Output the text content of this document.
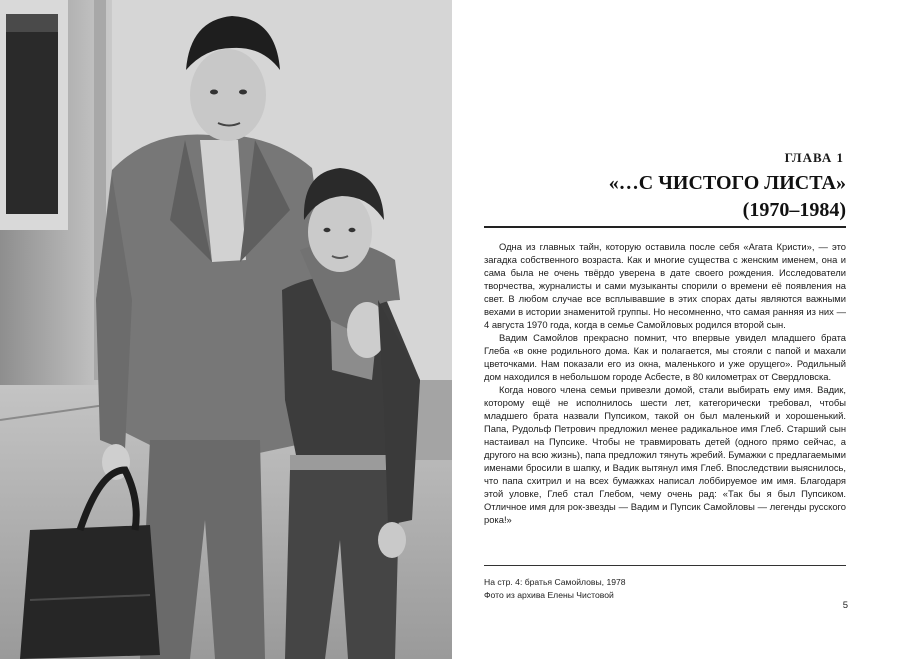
ГЛАВА 1
«…С ЧИСТОГО ЛИСТА»
(1970–1984)

Одна из главных тайн, которую оставила после себя «Агата Кристи», — это загадка собственного возраста. Как и многие существа с женским именем, она и сама была не очень твёрдо уверена в дате своего рождения. Исследователи творчества, журналисты и сами музыканты спорили о времени её появления на свет. В любом случае все всплывавшие в этих спорах даты являются важными вехами в истории знаменитой группы. Но несомненно, что самая ранняя из них — 4 августа 1970 года, когда в семье Самойловых родился второй сын.

Вадим Самойлов прекрасно помнит, что впервые увидел младшего брата Глеба «в окне родильного дома. Как и полагается, мы стояли с папой и махали цветочками. Нам показали его из окна, маленького и уже орущего». Родильный дом находился в небольшом городе Асбесте, в 80 километрах от Свердловска.

Когда нового члена семьи привезли домой, стали выбирать ему имя. Вадик, которому ещё не исполнилось шести лет, категорически требовал, чтобы младшего брата назвали Пупсиком, такой он был маленький и хорошенький. Папа, Рудольф Петрович предложил менее радикальное имя Глеб. Старший сын настаивал на Пупсике. Чтобы не травмировать детей (одного прямо сейчас, а другого на всю жизнь), папа предложил тянуть жребий. Бумажки с предлагаемыми именами бросили в шапку, и Вадик вытянул имя Глеб. Впоследствии выяснилось, что папа схитрил и на всех бумажках написал лоббируемое им имя. Благодаря этой уловке, Глеб стал Глебом, чему очень рад: «Так бы я был Пупсиком. Отличное имя для рок-звезды — Вадим и Пупсик Самойловы — легенды русского рока!»

На стр. 4: братья Самойловы, 1978
Фото из архива Елены Чистовой
5
